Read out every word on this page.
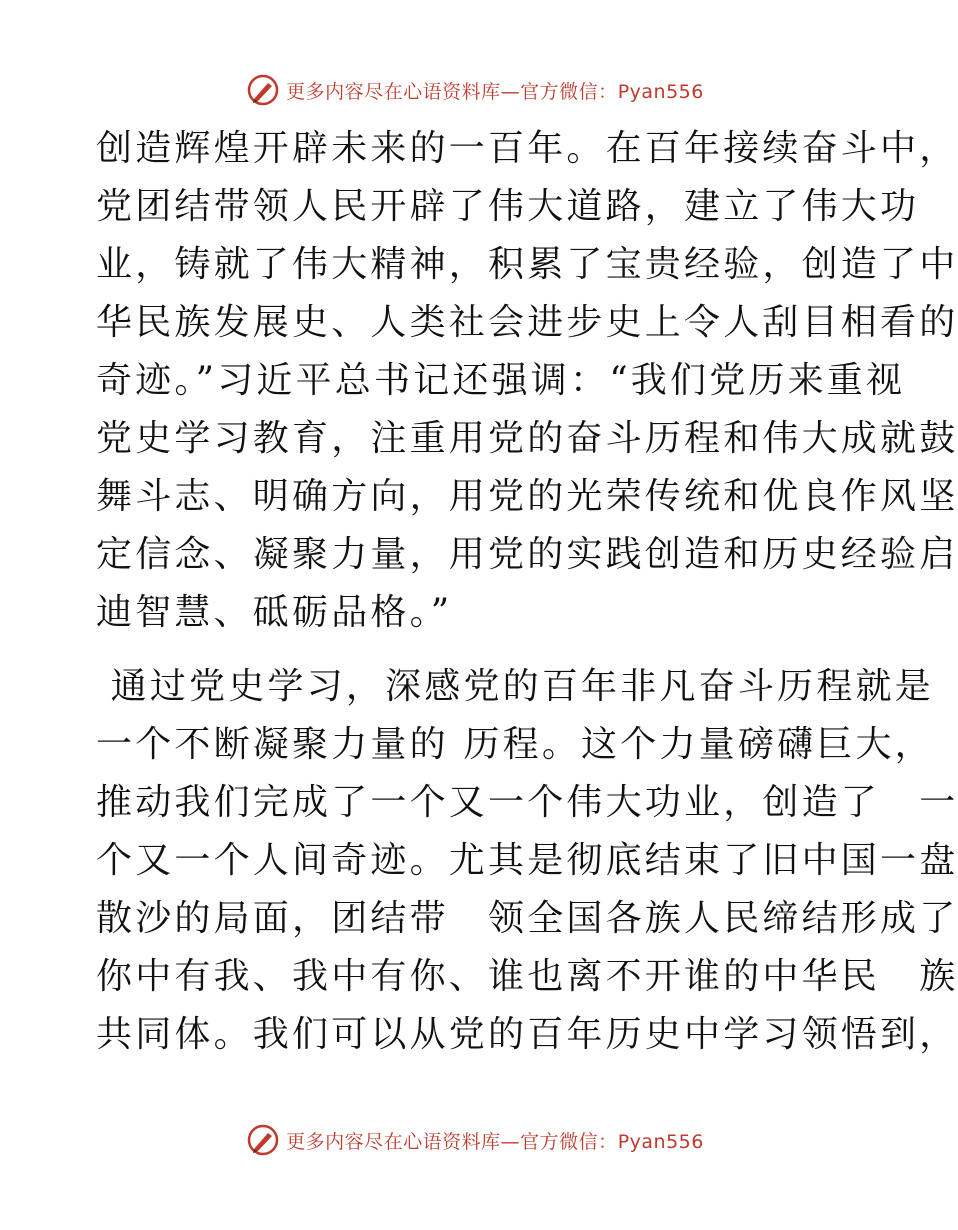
更多内容尽在心语资料库—官方微信：Pyan556
创造辉煌开辟未来的一百年。在百年接续奋斗中，
党团结带领人民开辟了伟大道路，建立了伟大功
业，铸就了伟大精神，积累了宝贵经验，创造了中
华民族发展史、人类社会进步史上令人刮目相看的
奇迹。”习近平总书记还强调：“我们党历来重视
党史学习教育，注重用党的奋斗历程和伟大成就鼓
舞斗志、明确方向，用党的光荣传统和优良作风坚
定信念、凝聚力量，用党的实践创造和历史经验启
迪智慧、砥砺品格。”
通过党史学习，深感党的百年非凡奋斗历程就是
一个不断凝聚力量的 历程。这个力量磅礴巨大，
推动我们完成了一个又一个伟大功业，创造了　一
个又一个人间奇迹。尤其是彻底结束了旧中国一盘
散沙的局面，团结带　领全国各族人民缔结形成了
你中有我、我中有你、谁也离不开谁的中华民　族
共同体。我们可以从党的百年历史中学习领悟到，
更多内容尽在心语资料库—官方微信：Pyan556
